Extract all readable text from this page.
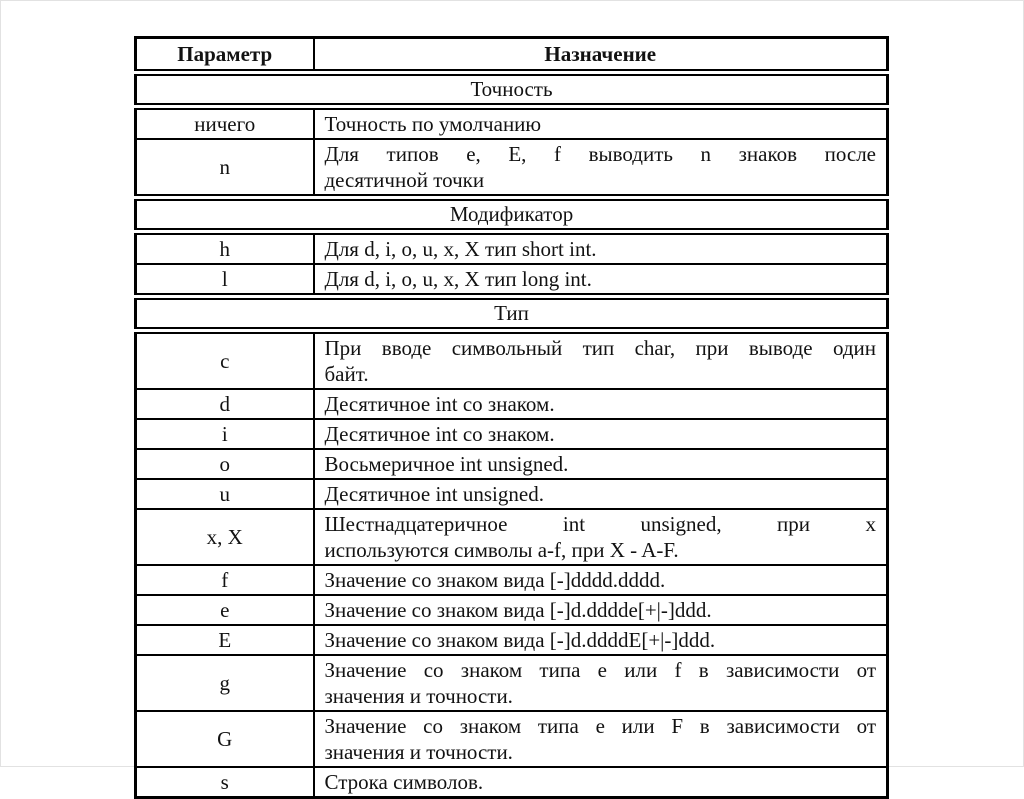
Параметр	Назначение
Точность	
ничего	Точность по умолчанию
n	Для типов e, E, f выводить n знаков после
десятичной точки

Модификатор	
h	Для d, i, o, u, x, X тип short int.
l	Для d, i, o, u, x, X тип long int.
Тип	
c	При вводе символьный тип char, при выводе один
байт.

d	Десятичное int со знаком.
i	Десятичное int со знаком.
o	Восьмеричное int unsigned.
u	Десятичное int unsigned.
x, X	Шестнадцатеричное int unsigned, при x
используются символы a-f, при X - A-F.

f	Значение со знаком вида [-]dddd.dddd.
e	Значение со знаком вида [-]d.dddde[+|-]ddd.
E	Значение со знаком вида [-]d.ddddE[+|-]ddd.
g	Значение со знаком типа e или f в зависимости от
значения и точности.

G	Значение со знаком типа e или F в зависимости от
значения и точности.

s	Строка символов.
